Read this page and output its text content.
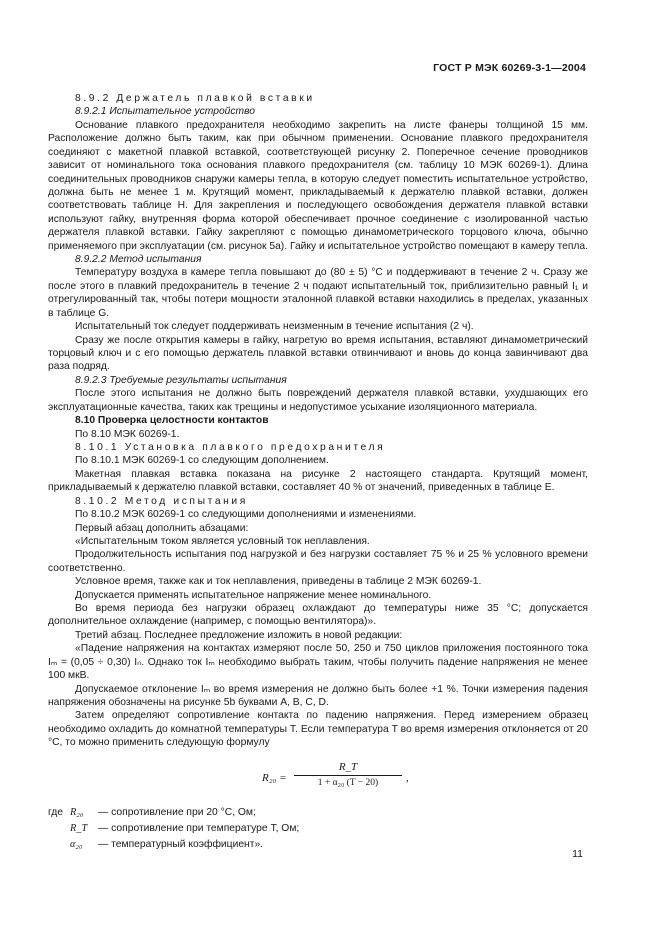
ГОСТ Р МЭК 60269-3-1—2004

8.9.2 Держатель плавкой вставки

8.9.2.1 Испытательное устройство

Основание плавкого предохранителя необходимо закрепить на листе фанеры толщиной 15 мм. Расположение должно быть таким, как при обычном применении. Основание плавкого предохранителя соединяют с макетной плавкой вставкой, соответствующей рисунку 2. Поперечное сечение проводников зависит от номинального тока основания плавкого предохранителя (см. таблицу 10 МЭК 60269-1). Длина соединительных проводников снаружи камеры тепла, в которую следует поместить испытательное устройство, должна быть не менее 1 м. Крутящий момент, прикладываемый к держателю плавкой вставки, должен соответствовать таблице H. Для закрепления и последующего освобождения держателя плавкой вставки используют гайку, внутренняя форма которой обеспечивает прочное соединение с изолированной частью держателя плавкой вставки. Гайку закрепляют с помощью динамометрического торцового ключа, обычно применяемого при эксплуатации (см. рисунок 5а). Гайку и испытательное устройство помещают в камеру тепла.

8.9.2.2 Метод испытания

Температуру воздуха в камере тепла повышают до (80 ± 5) °С и поддерживают в течение 2 ч. Сразу же после этого в плавкий предохранитель в течение 2 ч подают испытательный ток, приблизительно равный I₁ и отрегулированный так, чтобы потери мощности эталонной плавкой вставки находились в пределах, указанных в таблице G.

Испытательный ток следует поддерживать неизменным в течение испытания (2 ч).

Сразу же после открытия камеры в гайку, нагретую во время испытания, вставляют динамометрический торцовый ключ и с его помощью держатель плавкой вставки отвинчивают и вновь до конца завинчивают два раза подряд.

8.9.2.3 Требуемые результаты испытания

После этого испытания не должно быть повреждений держателя плавкой вставки, ухудшающих его эксплуатационные качества, таких как трещины и недопустимое усыхание изоляционного материала.

8.10 Проверка целостности контактов

По 8.10 МЭК 60269-1.

8.10.1 Установка плавкого предохранителя

По 8.10.1 МЭК 60269-1 со следующим дополнением.

Макетная плавкая вставка показана на рисунке 2 настоящего стандарта. Крутящий момент, прикладываемый к держателю плавкой вставки, составляет 40 % от значений, приведенных в таблице E.

8.10.2 Метод испытания

По 8.10.2 МЭК 60269-1 со следующими дополнениями и изменениями.

Первый абзац дополнить абзацами:

«Испытательным током является условный ток неплавления.

Продолжительность испытания под нагрузкой и без нагрузки составляет 75 % и 25 % условного времени соответственно.

Условное время, также как и ток неплавления, приведены в таблице 2 МЭК 60269-1.

Допускается применять испытательное напряжение менее номинального.

Во время периода без нагрузки образец охлаждают до температуры ниже 35 °С; допускается дополнительное охлаждение (например, с помощью вентилятора)».

Третий абзац. Последнее предложение изложить в новой редакции:

«Падение напряжения на контактах измеряют после 50, 250 и 750 циклов приложения постоянного тока Iₘ = (0,05 ÷ 0,30) Iₙ. Однако ток Iₘ необходимо выбрать таким, чтобы получить падение напряжения не менее 100 мкВ.

Допускаемое отклонение Iₘ во время измерения не должно быть более +1 %. Точки измерения падения напряжения обозначены на рисунке 5b буквами A, B, C, D.

Затем определяют сопротивление контакта по падению напряжения. Перед измерением образец необходимо охладить до комнатной температуры T. Если температура T во время измерения отклоняется от 20 °С, то можно применить следующую формулу

$R_{20} = \frac{R\_T}{\text{1 + α₂₀ (T − 20)}}$ ,
где R₂₀ — сопротивление при 20 °С, Ом;
R_T — сопротивление при температуре T, Ом;
α₂₀ — температурный коэффициент».
11
